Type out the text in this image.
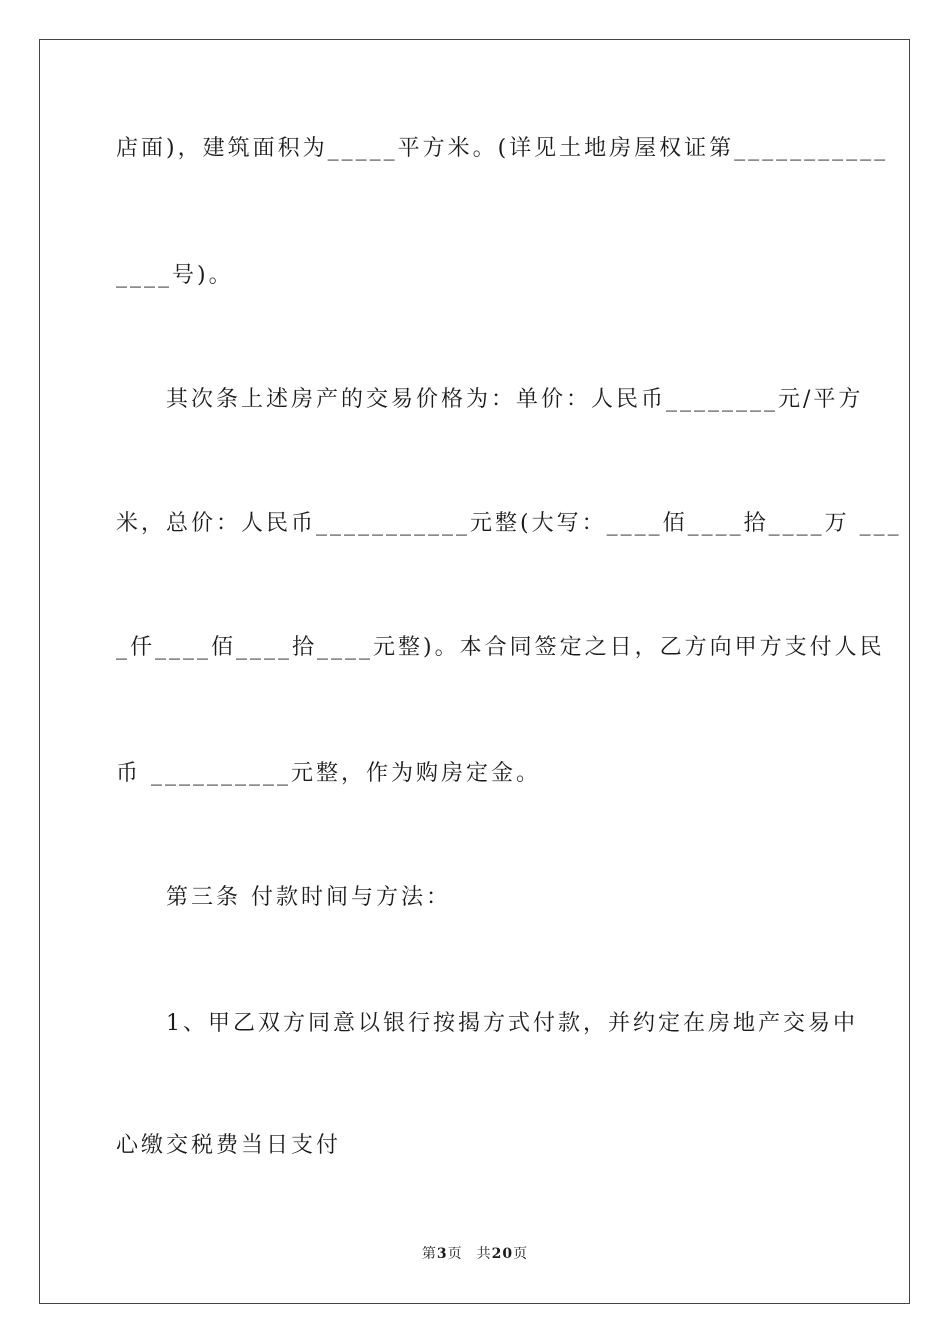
店面)，建筑面积为_____平方米。(详见土地房屋权证第___________
____号)。
　　其次条上述房产的交易价格为：单价：人民币________元/平方
米，总价：人民币___________元整(大写：____佰____拾____万 ___
_仟____佰____拾____元整)。本合同签定之日，乙方向甲方支付人民
币 __________元整，作为购房定金。
　　第三条 付款时间与方法：
　　1、甲乙双方同意以银行按揭方式付款，并约定在房地产交易中
心缴交税费当日支付
第3页 共20页
